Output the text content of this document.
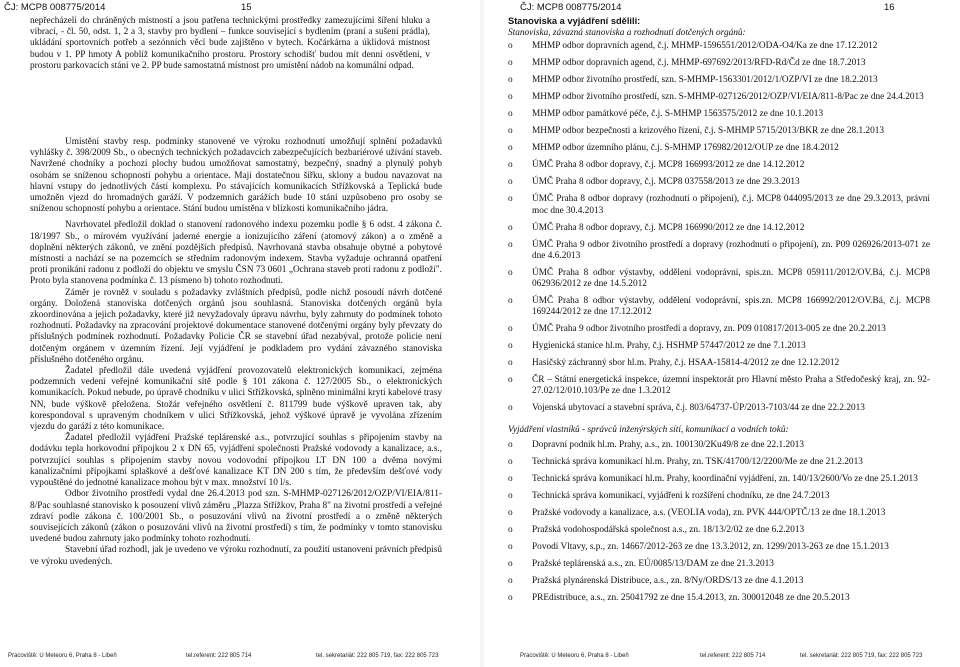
ČJ: MCP8 008775/2014	15

nepřecházeli do chráněných místností a jsou patřena technickými prostředky zamezujícími šíření hluku a vibrací, - čl. 50, odst. 1, 2 a 3, stavby pro bydlení – funkce související s bydlením (praní a sušení prádla), ukládání sportovních potřeb a sezónních věcí bude zajištěno v bytech. Kočárkárna a úklidová místnost budou v 1. PP hmoty A poblíž komunikačního prostoru. Prostory schodišť budou mít denní osvětlení, v prostoru parkovacích stání ve 2. PP bude samostatná místnost pro umístění nádob na komunální odpad.

Umístění stavby resp. podmínky stanovené ve výroku rozhodnutí umožňují splnění požadavků vyhlášky č. 398/2009 Sb., o obecných technických požadavcích zabezpečujících bezbariérové užívání staveb. Navržené chodníky a pochozí plochy budou umožňovat samostatný, bezpečný, snadný a plynulý pohyb osobám se sníženou schopností pohybu a orientace. Mají dostatečnou šířku, sklony a budou navazovat na hlavní vstupy do jednotlivých částí komplexu. Po stávajících komunikacích Střížkovská a Teplická bude umožněn vjezd do hromadných garáží. V podzemních garážích bude 10 stání uzpůsobeno pro osoby se sníženou schopností pohybu a orientace. Stání budou umístěna v blízkosti komunikačního jádra.

Navrhovatel předložil doklad o stanovení radonového indexu pozemku podle § 6 odst. 4 zákona č. 18/1997 Sb., o mírovém využívání jaderné energie a ionizujícího záření (atomový zákon) a o změně a doplnění některých zákonů, ve znění pozdějších předpisů. Navrhovaná stavba obsahuje obytné a pobytové místnosti a nachází se na pozemcích se středním radonovým indexem. Stavba vyžaduje ochranná opatření proti pronikání radonu z podloží do objektu ve smyslu ČSN 73 0601 „Ochrana staveb proti radonu z podloží". Proto byla stanovena podmínka č. 13 písmeno b) tohoto rozhodnutí.

Záměr je rovněž v souladu s požadavky zvláštních předpisů, podle nichž posoudí návrh dotčené orgány. Doložená stanoviska dotčených orgánů jsou souhlasná. Stanoviska dotčených orgánů byla zkoordinována a jejich požadavky, které již nevyžadovaly úpravu návrhu, byly zahrnuty do podmínek tohoto rozhodnutí. Požadavky na zpracování projektové dokumentace stanovené dotčenými orgány byly převzaty do příslušných podmínek rozhodnutí. Požadavky Policie ČR se stavební úřad nezabýval, protože policie není dotčeným orgánem v územním řízení. Její vyjádření je podkladem pro vydání závazného stanoviska příslušného dotčeného orgánu.

Žadatel předložil dále uvedená vyjádření provozovatelů elektronických komunikací, zejména podzemních vedení veřejné komunikační sítě podle § 101 zákona č. 127/2005 Sb., o elektronických komunikacích. Pokud nebude, po úpravě chodníku v ulici Střížkovská, splněno minimální krytí kabelové trasy NN, bude výškově přeložena. Stožár veřejného osvětlení č. 811799 bude výškově upraven tak, aby korespondoval s upraveným chodníkem v ulici Střížkovská, jehož výškové úpravě je vyvolána zřízením vjezdu do garáží z této komunikace.

Žadatel předložil vyjádření Pražské teplárenské a.s., potvrzující souhlas s připojením stavby na dodávku tepla horkovodní přípojkou 2 x DN 65, vyjádření společnosti Pražské vodovody a kanalizace, a.s., potvrzující souhlas s připojením stavby novou vodovodní přípojkou LT DN 100 a dvěma novými kanalizačními přípojkami splaškové a dešťové kanalizace KT DN 200 s tím, že především dešťové vody vypouštěné do jednotné kanalizace mohou být v max. množství 10 l/s.

Odbor životního prostředí vydal dne 26.4.2013 pod szn. S-MHMP-027126/2012/OZP/VI/EIA/811-8/Pac souhlasné stanovisko k posouzení vlivů záměru „Plazza Střížkov, Praha 8" na životní prostředí a veřejné zdraví podle zákona č. 100/2001 Sb., o posuzování vlivů na životní prostředí a o změně některých souvisejících zákonů (zákon o posuzování vlivů na životní prostředí) s tím, že podmínky v tomto stanovisku uvedené budou zahrnuty jako podmínky tohoto rozhodnutí.

Stavební úřad rozhodl, jak je uvedeno ve výroku rozhodnutí, za použití ustanovení právních předpisů ve výroku uvedených.

Pracoviště: U Meteoru 6, Praha 8 - Libeň	tel.referent: 222 805 714	tel. sekretariát: 222 805 719, fax: 222 805 723
ČJ: MCP8 008775/2014	16
Stanoviska a vyjádření sdělili:
Stanoviska, závazná stanoviska a rozhodnutí dotčených orgánů:
o MHMP odbor dopravních agend, č.j. MHMP-1596551/2012/ODA-O4/Ka ze dne 17.12.2012
o MHMP odbor dopravních agend, č.j. MHMP-697692/2013/RFD-Rd/Čd ze dne 18.7.2013
o MHMP odbor životního prostředí, szn. S-MHMP-1563301/2012/1/OZP/VI ze dne 18.2.2013
o MHMP odbor životního prostředí, szn. S-MHMP-027126/2012/OZP/VI/EIA/811-8/Pac ze dne 24.4.2013
o MHMP odbor památkové péče, č.j. S-MHMP 1563575/2012 ze dne 10.1.2013
o MHMP odbor bezpečnosti a krizového řízení, č.j. S-MHMP 5715/2013/BKR ze dne 28.1.2013
o MHMP odbor územního plánu, č.j. S-MHMP 176982/2012/OUP ze dne 18.4.2012
o ÚMČ Praha 8 odbor dopravy, č.j. MCP8 166993/2012 ze dne 14.12.2012
o ÚMČ Praha 8 odbor dopravy, č.j. MCP8 037558/2013 ze dne 29.3.2013
o ÚMČ Praha 8 odbor dopravy (rozhodnutí o připojení), č.j. MCP8 044095/2013 ze dne 29.3.2013, právní moc dne 30.4.2013
o ÚMČ Praha 8 odbor dopravy, č.j. MCP8 166990/2012 ze dne 14.12.2012
o ÚMČ Praha 9 odbor životního prostředí a dopravy (rozhodnutí o připojení), zn. P09 026926/2013-071 ze dne 4.6.2013
o ÚMČ Praha 8 odbor výstavby, oddělení vodoprávní, spis.zn. MCP8 059111/2012/OV.Bá, č.j. MCP8 062936/2012 ze dne 14.5.2012
o ÚMČ Praha 8 odbor výstavby, oddělení vodoprávní, spis.zn. MCP8 166992/2012/OV.Bá, č.j. MCP8 169244/2012 ze dne 17.12.2012
o ÚMČ Praha 9 odbor životního prostředí a dopravy, zn. P09 010817/2013-005 ze dne 20.2.2013
o Hygienická stanice hl.m. Prahy, č.j. HSHMP 57447/2012 ze dne 7.1.2013
o Hasičský záchranný sbor hl.m. Prahy, č.j. HSAA-15814-4/2012 ze dne 12.12.2012
o ČR – Státní energetická inspekce, územní inspektorát pro Hlavní město Praha a Středočeský kraj, zn. 92-27.02/12/010.103/Pe ze dne 1.3.2012
o Vojenská ubytovací a stavební správa, č.j. 803/64737-ÚP/2013-7103/44 ze dne 22.2.2013
Vyjádření vlastníků - správců inženýrských sítí, komunikací a vodních toků:
o Dopravní podnik hl.m. Prahy, a.s., zn. 100130/2Ku49/8 ze dne 22.1.2013
o Technická správa komunikací hl.m. Prahy, zn. TSK/41700/12/2200/Me ze dne 21.2.2013
o Technická správa komunikací hl.m. Prahy, koordinační vyjádření, zn. 140/13/2600/Vo ze dne 25.1.2013
o Technická správa komunikací, vyjádření k rozšíření chodníku, ze dne 24.7.2013
o Pražské vodovody a kanalizace, a.s. (VEOLIA voda), zn. PVK 444/OPTČ/13 ze dne 18.1.2013
o Pražská vodohospodářská společnost a.s., zn. 18/13/2/02 ze dne 6.2.2013
o Povodí Vltavy, s.p., zn. 14667/2012-263 ze dne 13.3.2012, zn. 1299/2013-263 ze dne 15.1.2013
o Pražské teplárenská a.s., zn. EÚ/0085/13/DAM ze dne 21.3.2013
o Pražská plynárenská Distribuce, a.s., zn. 8/Ny/ORDS/13 ze dne 4.1.2013
o PREdistribuce, a.s., zn. 25041792 ze dne 15.4.2013, zn. 300012048 ze dne 20.5.2013
Pracoviště: U Meteoru 6, Praha 8 - Libeň	tel.referent: 222 805 714	tel. sekretariát: 222 805 719, fax: 222 805 723
